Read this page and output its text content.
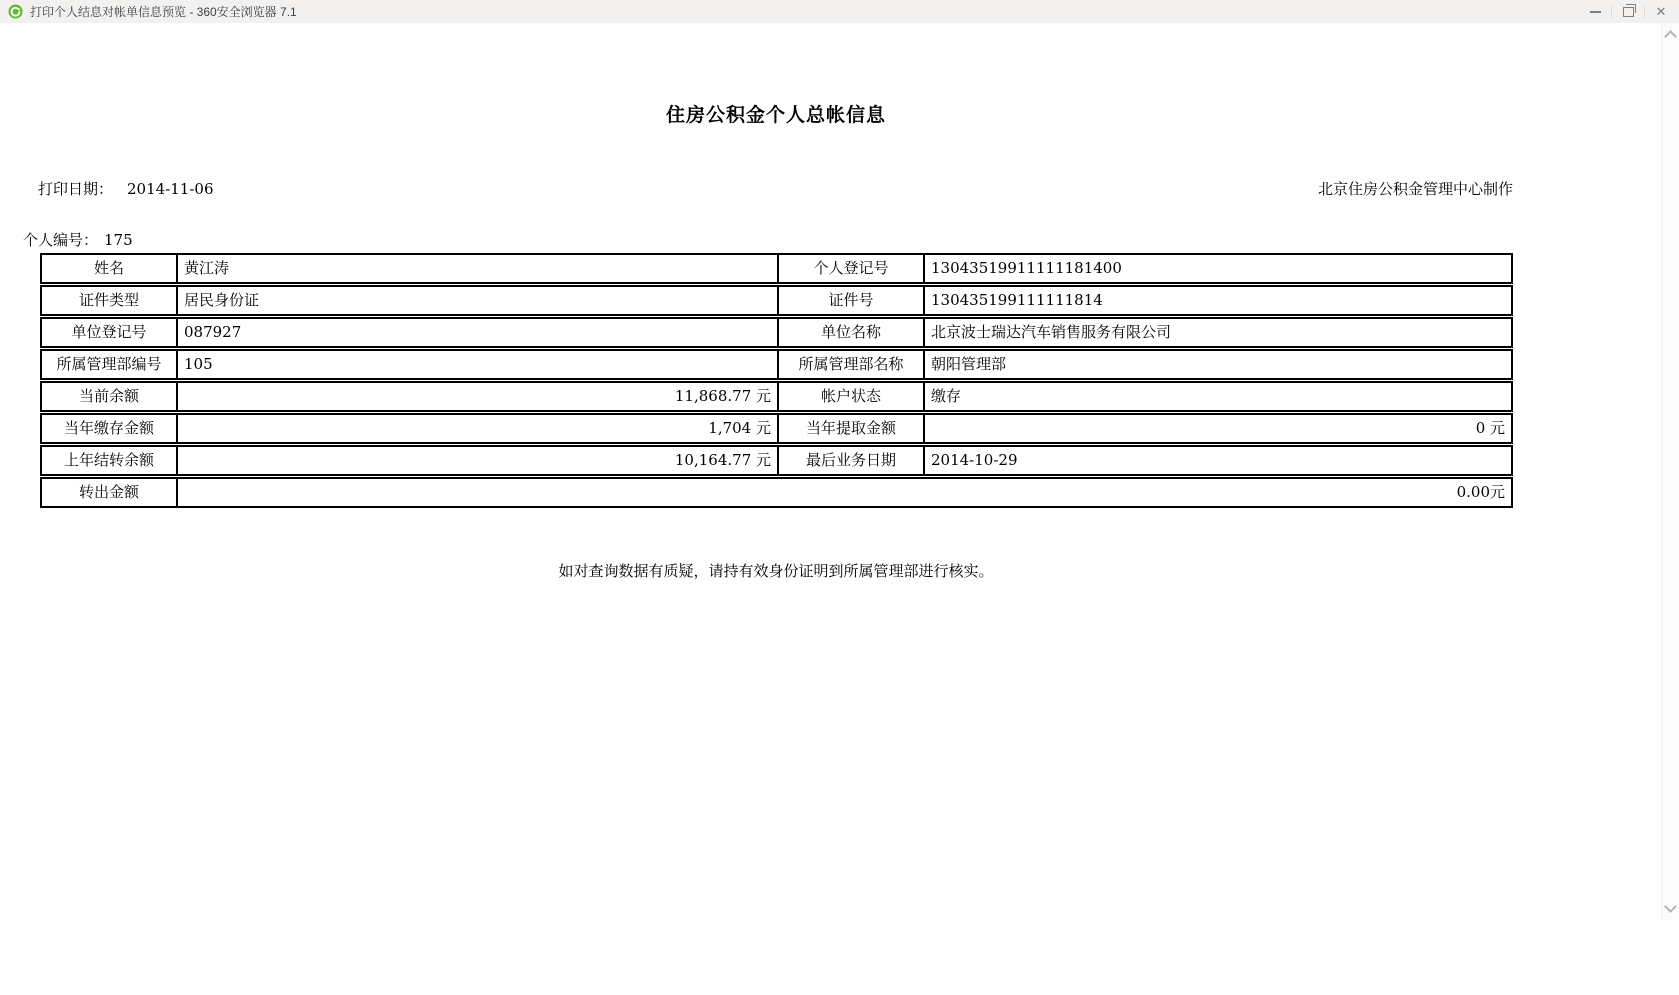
打印个人结息对帐单信息预览 - 360安全浏览器 7.1	✕
住房公积金个人总帐信息
打印日期： 2014-11-06	北京住房公积金管理中心制作
个人编号： 175
姓名	黄江涛	个人登记号	13043519911111181400
证件类型	居民身份证	证件号	130435199111111814
单位登记号	087927	单位名称	北京波士瑞达汽车销售服务有限公司
所属管理部编号	105	所属管理部名称	朝阳管理部
当前余额	11,868.77 元	帐户状态	缴存
当年缴存金额	1,704 元	当年提取金额	0 元
上年结转余额	10,164.77 元	最后业务日期	2014-10-29
转出金额	0.00元		
如对查询数据有质疑，请持有效身份证明到所属管理部进行核实。
